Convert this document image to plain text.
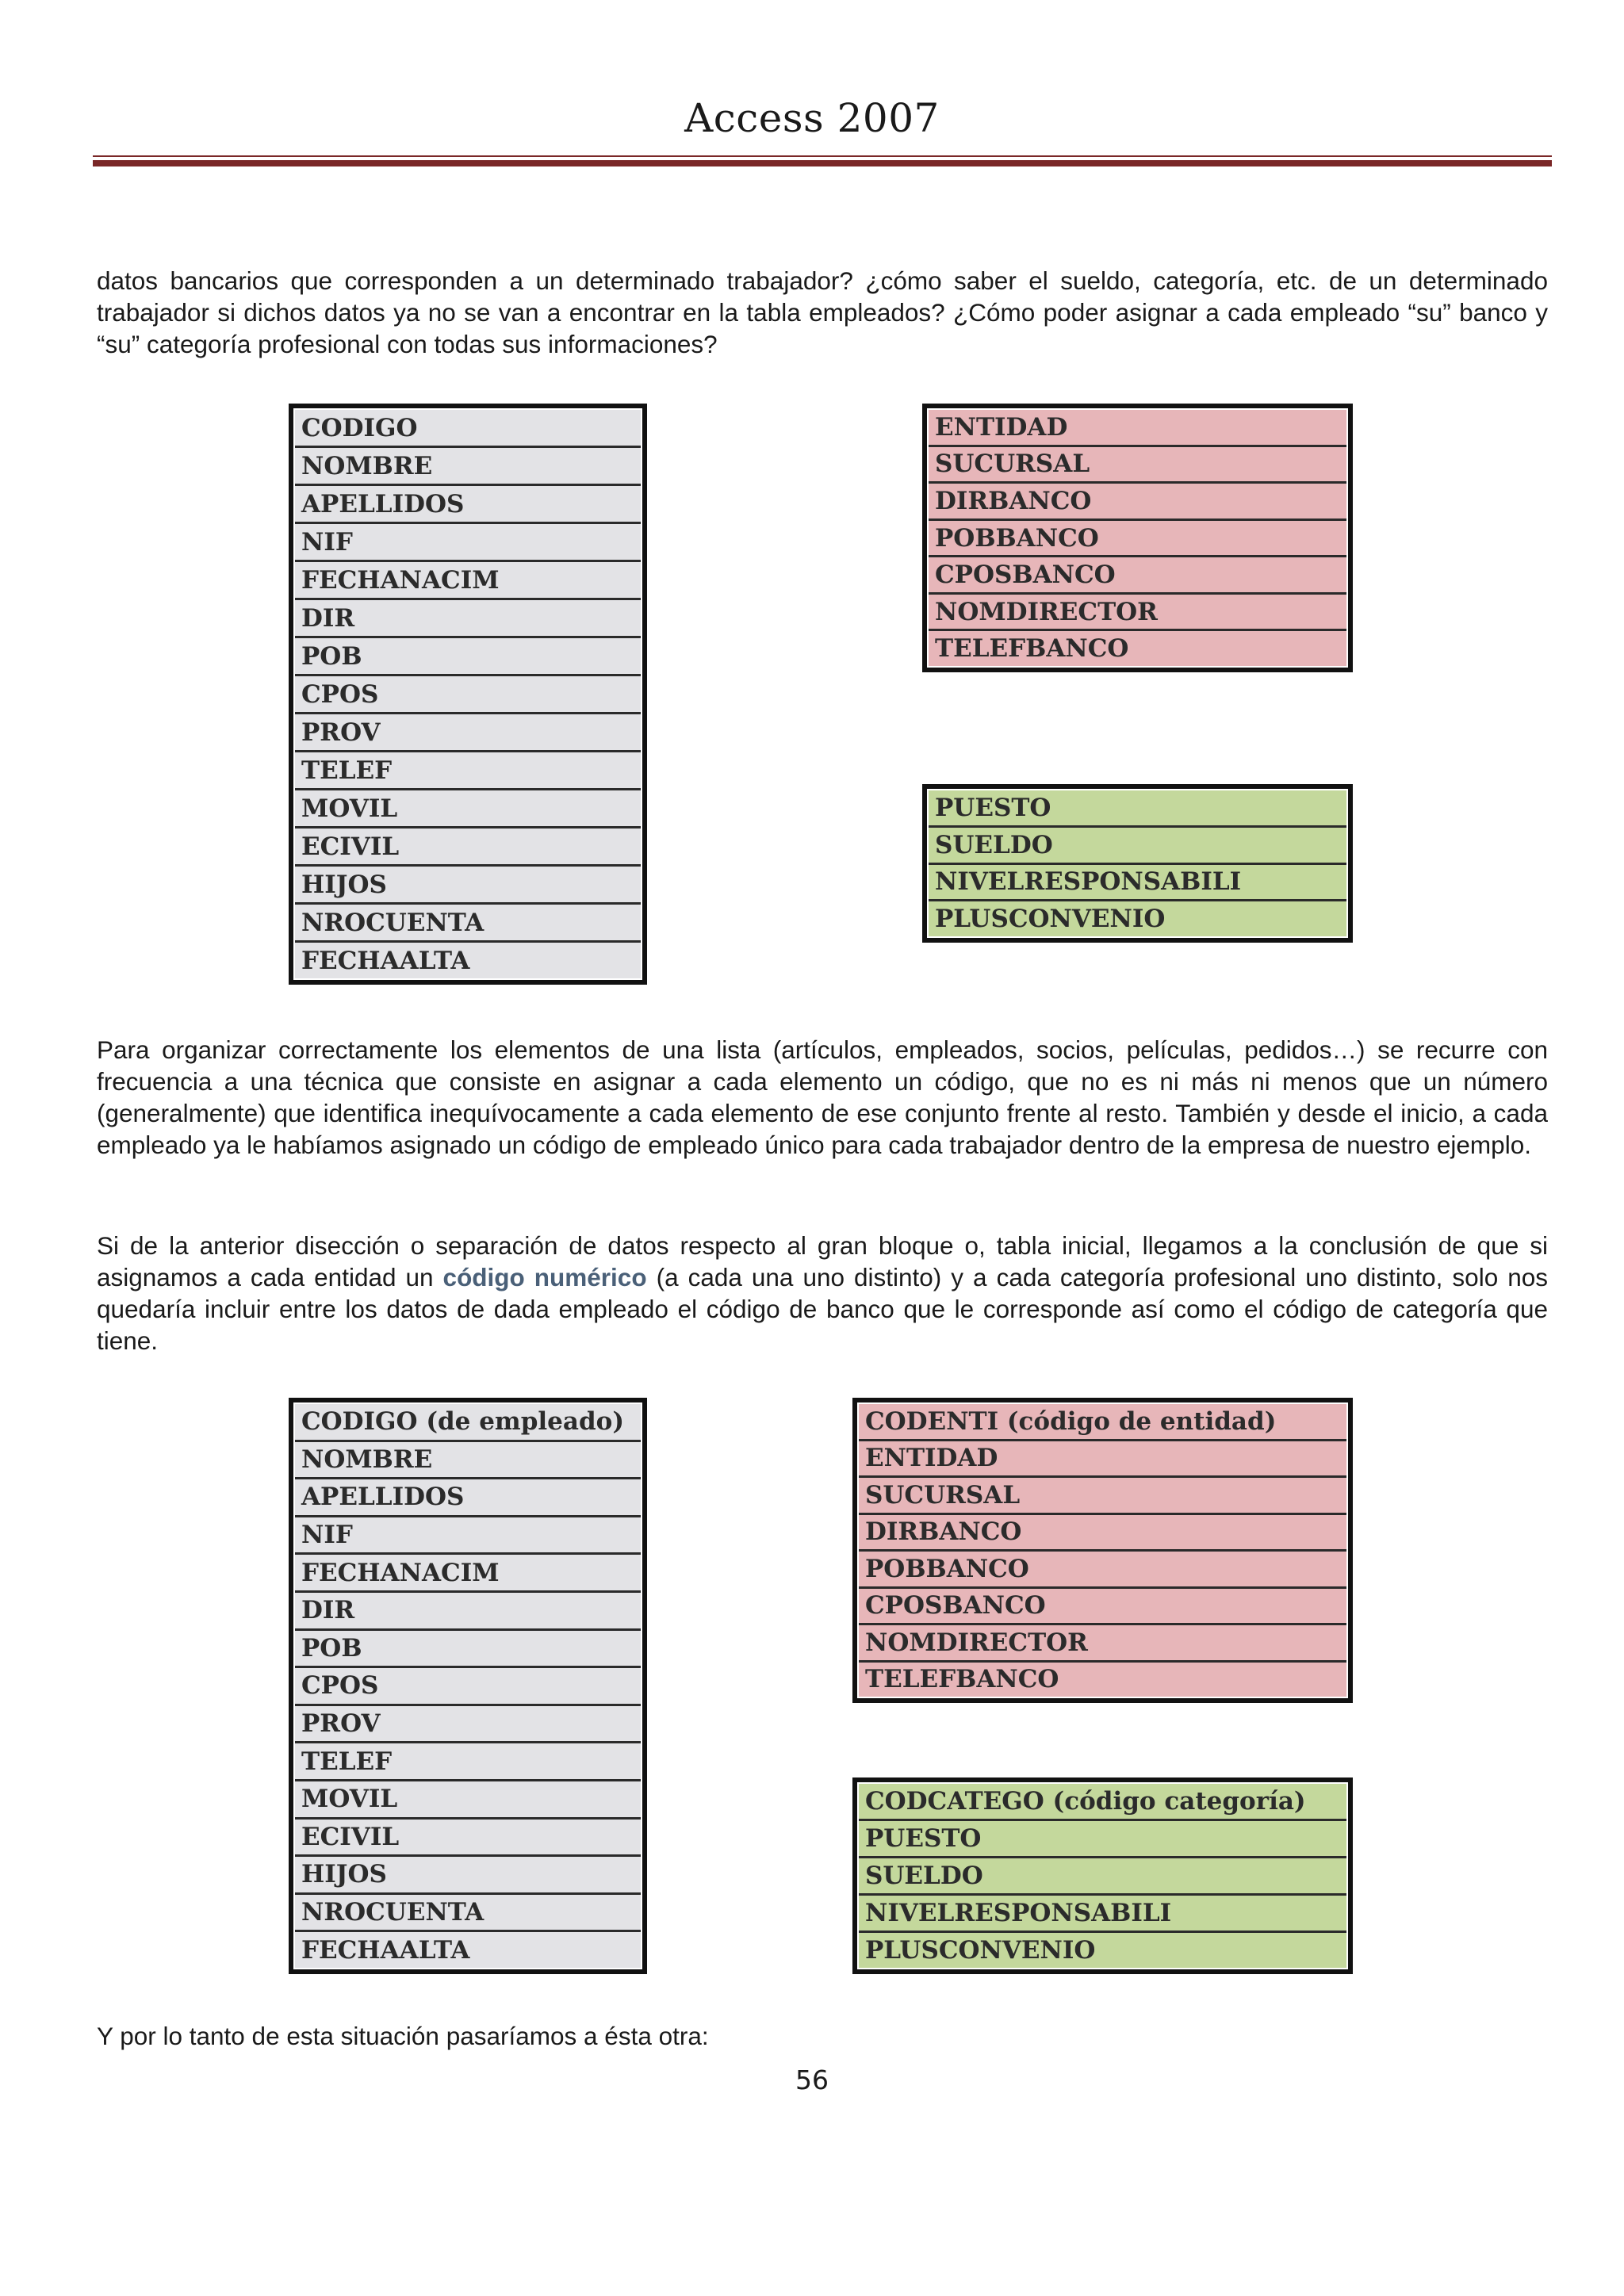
Access 2007

datos bancarios que corresponden a un determinado trabajador? ¿cómo saber el sueldo, categoría, etc. de un determinado trabajador si dichos datos ya no se van a encontrar en la tabla empleados? ¿Cómo poder asignar a cada empleado “su” banco y “su” categoría profesional con todas sus informaciones?

CODIGO
NOMBRE
APELLIDOS
NIF
FECHANACIM
DIR
POB
CPOS
PROV
TELEF
MOVIL
ECIVIL
HIJOS
NROCUENTA
FECHAALTA
ENTIDAD
SUCURSAL
DIRBANCO
POBBANCO
CPOSBANCO
NOMDIRECTOR
TELEFBANCO
PUESTO
SUELDO
NIVELRESPONSABILI
PLUSCONVENIO

Para organizar correctamente los elementos de una lista (artículos, empleados, socios, películas, pedidos…) se recurre con frecuencia a una técnica que consiste en asignar a cada elemento un código, que no es ni más ni menos que un número (generalmente) que identifica inequívocamente a cada elemento de ese conjunto frente al resto. También y desde el inicio, a cada empleado ya le habíamos asignado un código de empleado único para cada trabajador dentro de la empresa de nuestro ejemplo.

Si de la anterior disección o separación de datos respecto al gran bloque o, tabla inicial, llegamos a la conclusión de que si asignamos a cada entidad un código numérico (a cada una uno distinto) y a cada categoría profesional uno distinto, solo nos quedaría incluir entre los datos de dada empleado el código de banco que le corresponde así como el código de categoría que tiene.

CODIGO (de empleado)
NOMBRE
APELLIDOS
NIF
FECHANACIM
DIR
POB
CPOS
PROV
TELEF
MOVIL
ECIVIL
HIJOS
NROCUENTA
FECHAALTA
CODENTI (código de entidad)
ENTIDAD
SUCURSAL
DIRBANCO
POBBANCO
CPOSBANCO
NOMDIRECTOR
TELEFBANCO
CODCATEGO (código categoría)
PUESTO
SUELDO
NIVELRESPONSABILI
PLUSCONVENIO

Y por lo tanto de esta situación pasaríamos a ésta otra:

56
